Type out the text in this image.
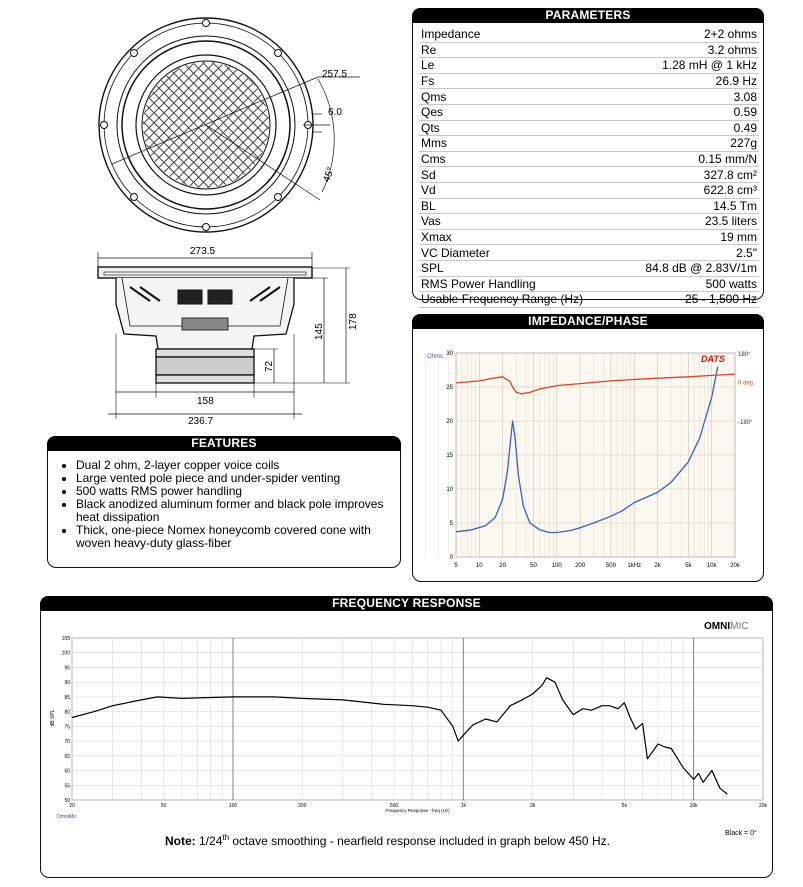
257.5
6.0
45°
273.5
178
145
72
158
236.7
PARAMETERS
Impedance	2+2 ohms
Re	3.2 ohms
Le	1.28 mH @ 1 kHz
Fs	26.9 Hz
Qms	3.08
Qes	0.59
Qts	0.49
Mms	227g
Cms	0.15 mm/N
Sd	327.8 cm²
Vd	622.8 cm³
BL	14.5 Tm
Vas	23.5 liters
Xmax	19 mm
VC Diameter	2.5"
SPL	84.8 dB @ 2.83V/1m
RMS Power Handling	500 watts
Usable Frequency Range (Hz)	25 - 1,500 Hz
FEATURES
• Dual 2 ohm, 2-layer copper voice coils
• Large vented pole piece and under-spider venting
• 500 watts RMS power handling
• Black anodized aluminum former and black pole improves heat dissipation
• Thick, one-piece Nomex honeycomb covered cone with woven heavy-duty glass-fiber
IMPEDANCE/PHASE
5	10	20	50 100 200	500 1kHz 2k	5k	10k 20k
30
25
20
15
10
5
0
Ohms	180°
0 deg
-180°
DATS
FREQUENCY RESPONSE
105
100
95
90
85
80
75
70
65
60
55
50
20	50	100	200	500	1k	2k	5k	10k	20k
dB SPL
Frequency Response - freq (Hz)
OmniMic
OMNIMIC
Note: 1/24th octave smoothing - nearfield response included in graph below 450 Hz.
Black = 0°
